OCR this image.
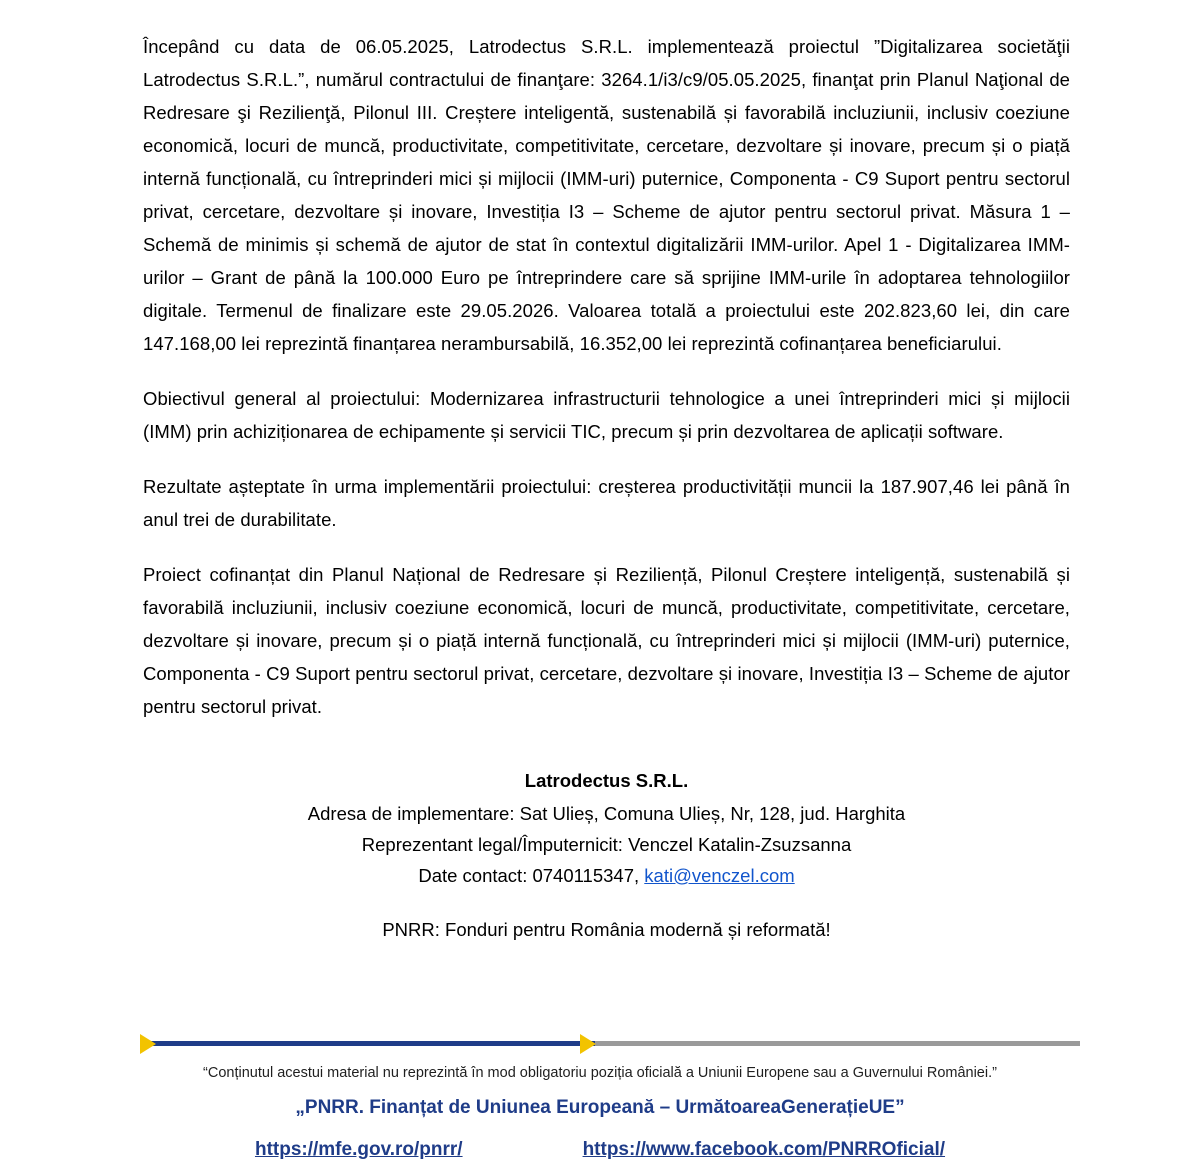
Începând cu data de 06.05.2025, Latrodectus S.R.L. implementează proiectul ”Digitalizarea societăţii Latrodectus S.R.L.”, numărul contractului de finanţare: 3264.1/i3/c9/05.05.2025, finanţat prin Planul Naţional de Redresare şi Rezilienţă, Pilonul III. Creștere inteligentă, sustenabilă și favorabilă incluziunii, inclusiv coeziune economică, locuri de muncă, productivitate, competitivitate, cercetare, dezvoltare și inovare, precum și o piață internă funcțională, cu întreprinderi mici și mijlocii (IMM-uri) puternice, Componenta - C9 Suport pentru sectorul privat, cercetare, dezvoltare și inovare, Investiția I3 – Scheme de ajutor pentru sectorul privat. Măsura 1 – Schemă de minimis și schemă de ajutor de stat în contextul digitalizării IMM-urilor. Apel 1 - Digitalizarea IMM-urilor – Grant de până la 100.000 Euro pe întreprindere care să sprijine IMM-urile în adoptarea tehnologiilor digitale. Termenul de finalizare este 29.05.2026. Valoarea totală a proiectului este 202.823,60 lei, din care 147.168,00 lei reprezintă finanțarea nerambursabilă, 16.352,00 lei reprezintă cofinanțarea beneficiarului.

Obiectivul general al proiectului: Modernizarea infrastructurii tehnologice a unei întreprinderi mici și mijlocii (IMM) prin achiziționarea de echipamente și servicii TIC, precum și prin dezvoltarea de aplicații software.

Rezultate așteptate în urma implementării proiectului: creșterea productivității muncii la 187.907,46 lei până în anul trei de durabilitate.

Proiect cofinanțat din Planul Național de Redresare și Reziliență, Pilonul Creștere inteligență, sustenabilă și favorabilă incluziunii, inclusiv coeziune economică, locuri de muncă, productivitate, competitivitate, cercetare, dezvoltare și inovare, precum și o piață internă funcțională, cu întreprinderi mici și mijlocii (IMM-uri) puternice, Componenta - C9 Suport pentru sectorul privat, cercetare, dezvoltare și inovare, Investiția I3 – Scheme de ajutor pentru sectorul privat.

Latrodectus S.R.L.
Adresa de implementare: Sat Ulieș, Comuna Ulieș, Nr, 128, jud. Harghita
Reprezentant legal/Împuternicit: Venczel Katalin-Zsuzsanna
Date contact: 0740115347, kati@venczel.com
PNRR: Fonduri pentru România modernă și reformată!
“Conținutul acestui material nu reprezintă în mod obligatoriu poziția oficială a Uniunii Europene sau a Guvernului României.”
„PNRR. Finanțat de Uniunea Europeană – UrmătoareaGenerațieUE”
https://mfe.gov.ro/pnrr/	https://www.facebook.com/PNRROficial/
